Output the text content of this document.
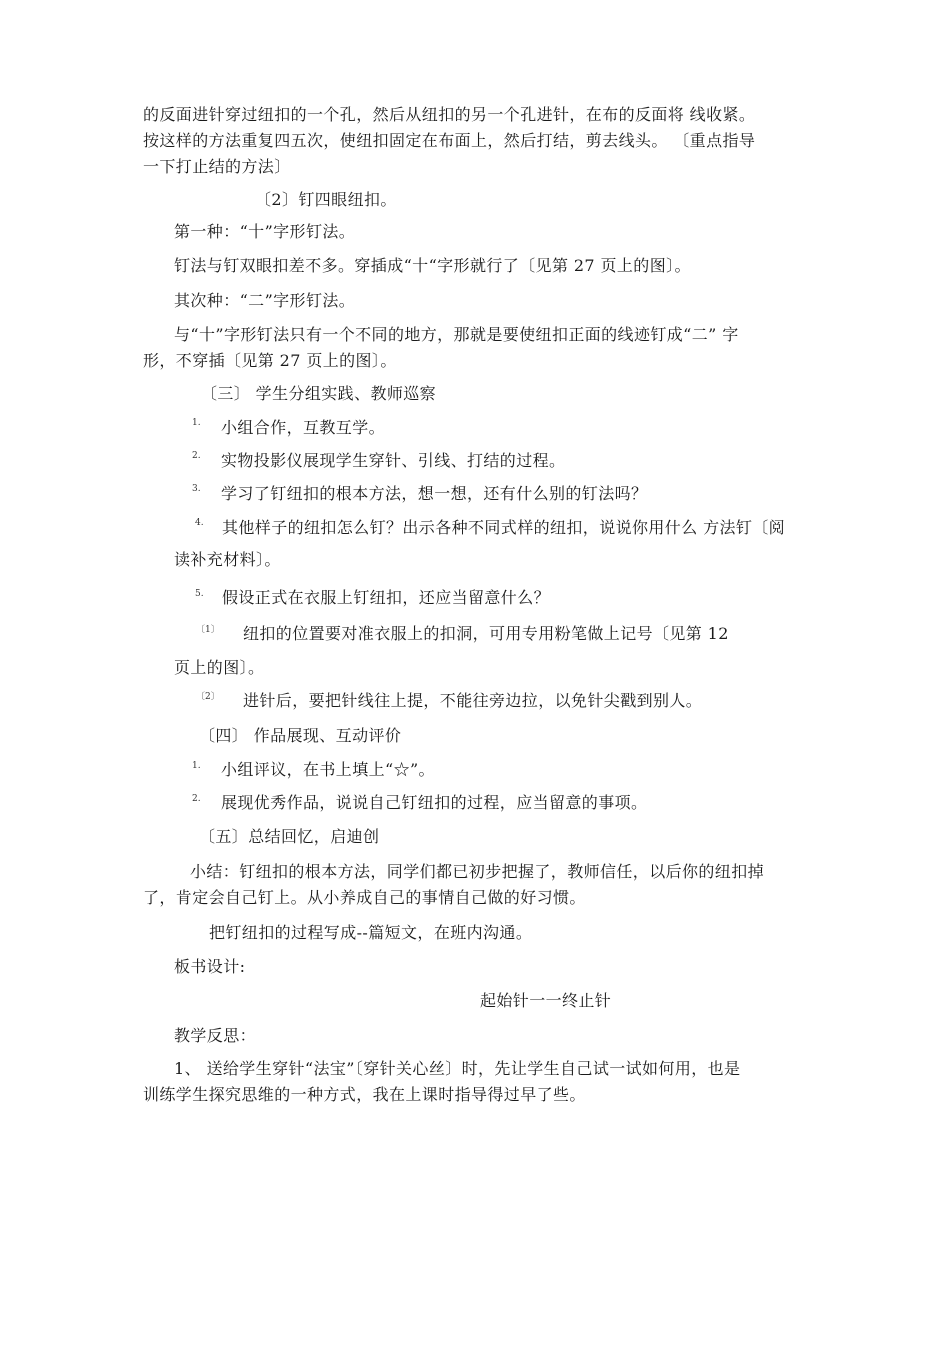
的反面进针穿过纽扣的一个孔，然后从纽扣的另一个孔进针，在布的反面将 线收紧。
按这样的方法重复四五次，使纽扣固定在布面上，然后打结，剪去线头。 〔重点指导
一下打止结的方法〕
〔2〕钉四眼纽扣。
第一种：“十”字形钉法。
钉法与钉双眼扣差不多。穿插成“十“字形就行了〔见第 27 页上的图〕。
其次种：“二”字形钉法。
与“十”字形钉法只有一个不同的地方，那就是要使纽扣正面的线迹钉成“二” 字
形，不穿插〔见第 27 页上的图〕。
〔三〕 学生分组实践、教师巡察
1. 小组合作，互教互学。
2. 实物投影仪展现学生穿针、引线、打结的过程。
3. 学习了钉纽扣的根本方法，想一想，还有什么别的钉法吗？
4. 其他样子的纽扣怎么钉？出示各种不同式样的纽扣，说说你用什么 方法钉〔阅
读补充材料〕。
5. 假设正式在衣服上钉纽扣，还应当留意什么？
〔1〕 纽扣的位置要对准衣服上的扣洞，可用专用粉笔做上记号〔见第 12
页上的图〕。
〔2〕 进针后，要把针线往上提，不能往旁边拉，以免针尖戳到别人。
〔四〕 作品展现、互动评价
1. 小组评议，在书上填上“☆”。
2. 展现优秀作品，说说自己钉纽扣的过程，应当留意的事项。
〔五〕总结回忆，启迪创
小结：钉纽扣的根本方法，同学们都已初步把握了，教师信任，以后你的纽扣掉
了，肯定会自己钉上。从小养成自己的事情自己做的好习惯。
把钉纽扣的过程写成--篇短文，在班内沟通。
板书设计:
起始针一一终止针
教学反思：
1、 送给学生穿针“法宝”〔穿针关心丝〕时，先让学生自己试一试如何用，也是
训练学生探究思维的一种方式，我在上课时指导得过早了些。
